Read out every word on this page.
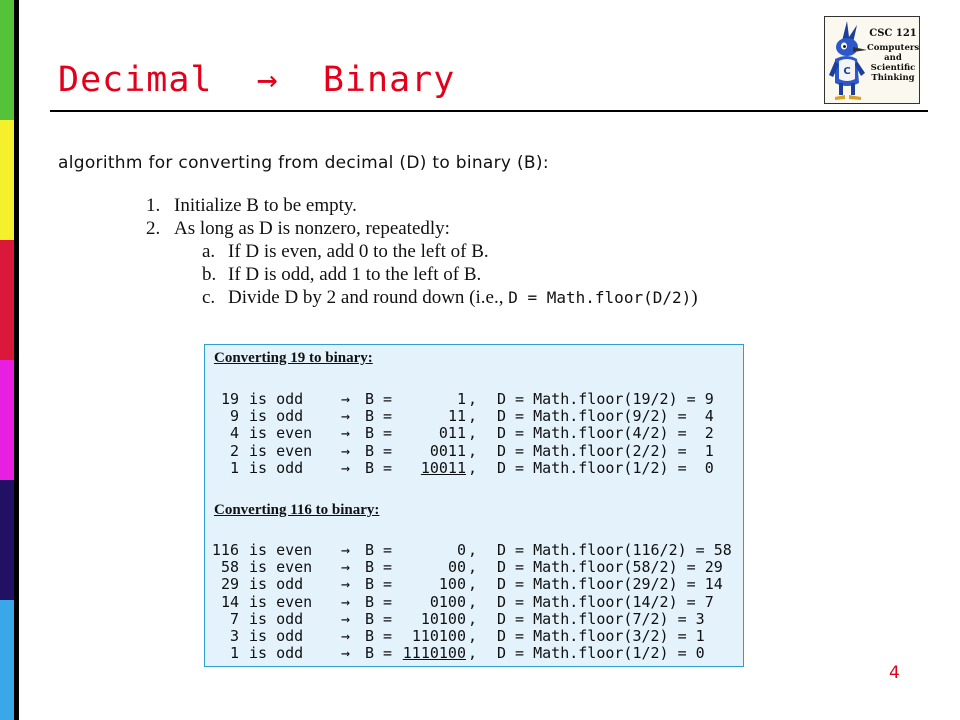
Decimal  →  Binary	C
CSC 121
Computers
and
Scientific
Thinking
algorithm for converting from decimal (D) to binary (B):
1. Initialize B to be empty.
2. As long as D is nonzero, repeatedly:
a. If D is even, add 0 to the left of B.
b. If D is odd, add 1 to the left of B.
c. Divide D by 2 and round down (i.e., D = Math.floor(D/2))
Converting 19 to binary:
19 is odd	→ B =	1 , D = Math.floor(19/2) = 9
9 is odd	→ B =	11 , D = Math.floor(9/2) =  4
4 is even → B =	011 , D = Math.floor(4/2) =  2
2 is even → B =	0011 , D = Math.floor(2/2) =  1
1 is odd	→ B =	10011 , D = Math.floor(1/2) =  0
Converting 116 to binary:
116 is even → B =	0 , D = Math.floor(116/2) = 58
58 is even → B =	00 , D = Math.floor(58/2) = 29
29 is odd	→ B =	100 , D = Math.floor(29/2) = 14
14 is even → B =	0100 , D = Math.floor(14/2) = 7
7 is odd	→ B =	10100 , D = Math.floor(7/2) = 3
3 is odd	→ B =	110100 , D = Math.floor(3/2) = 1
1 is odd	→ B = 1110100 , D = Math.floor(1/2) = 0
4
